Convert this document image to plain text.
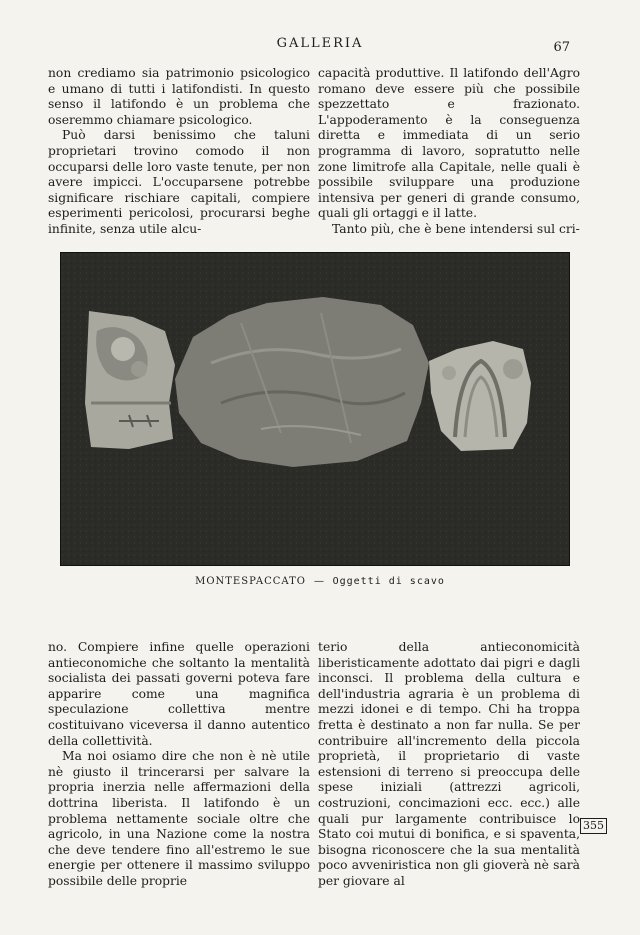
GALLERIA	67

non crediamo sia patrimonio psicologico e umano di tutti i latifondisti. In questo senso il latifondo è un problema che oseremmo chiamare psicologico.

Può darsi benissimo che taluni proprietari trovino comodo il non occuparsi delle loro vaste tenute, per non avere impicci. L'occuparsene potrebbe significare rischiare capitali, compiere esperimenti pericolosi, procurarsi beghe infinite, senza utile alcu-

capacità produttive. Il latifondo dell'Agro romano deve essere più che possibile spezzettato e frazionato. L'appoderamento è la conseguenza diretta e immediata di un serio programma di lavoro, sopratutto nelle zone limitrofe alla Capitale, nelle quali è possibile sviluppare una produzione intensiva per generi di grande consumo, quali gli ortaggi e il latte.

Tanto più, che è bene intendersi sul cri-

MONTESPACCATO — Oggetti di scavo

no. Compiere infine quelle operazioni antieconomiche che soltanto la mentalità socialista dei passati governi poteva fare apparire come una magnifica speculazione collettiva mentre costituivano viceversa il danno autentico della collettività.

Ma noi osiamo dire che non è nè utile nè giusto il trincerarsi per salvare la propria inerzia nelle affermazioni della dottrina liberista. Il latifondo è un problema nettamente sociale oltre che agricolo, in una Nazione come la nostra che deve tendere fino all'estremo le sue energie per ottenere il massimo sviluppo possibile delle proprie

terio della antieconomicità liberisticamente adottato dai pigri e dagli inconsci. Il problema della cultura e dell'industria agraria è un problema di mezzi idonei e di tempo. Chi ha troppa fretta è destinato a non far nulla. Se per contribuire all'incremento della piccola proprietà, il proprietario di vaste estensioni di terreno si preoccupa delle spese iniziali (attrezzi agricoli, costruzioni, concimazioni ecc. ecc.) alle quali pur largamente contribuisce lo Stato coi mutui di bonifica, e si spaventa, bisogna riconoscere che la sua mentalità poco avveniristica non gli gioverà nè sarà per giovare al

355
